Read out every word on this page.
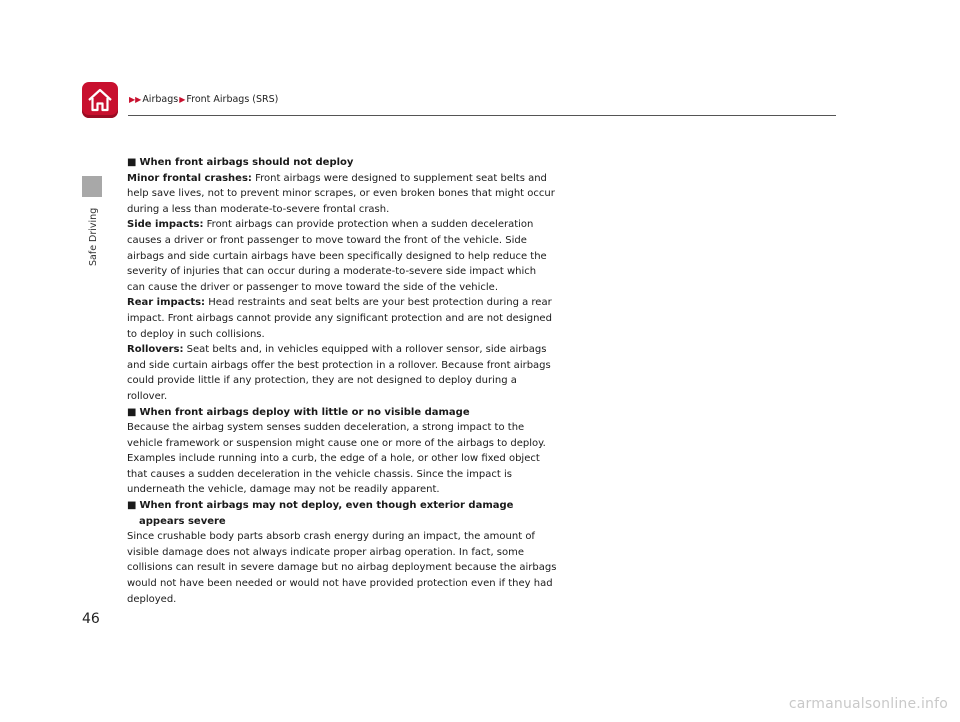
▶▶ Airbags ▶ Front Airbags (SRS)
Safe Driving

■ When front airbags should not deploy

Minor frontal crashes: Front airbags were designed to supplement seat belts and help save lives, not to prevent minor scrapes, or even broken bones that might occur during a less than moderate-to-severe frontal crash.

Side impacts: Front airbags can provide protection when a sudden deceleration causes a driver or front passenger to move toward the front of the vehicle. Side airbags and side curtain airbags have been specifically designed to help reduce the severity of injuries that can occur during a moderate-to-severe side impact which can cause the driver or passenger to move toward the side of the vehicle.

Rear impacts: Head restraints and seat belts are your best protection during a rear impact. Front airbags cannot provide any significant protection and are not designed to deploy in such collisions.

Rollovers: Seat belts and, in vehicles equipped with a rollover sensor, side airbags and side curtain airbags offer the best protection in a rollover. Because front airbags could provide little if any protection, they are not designed to deploy during a rollover.

■ When front airbags deploy with little or no visible damage

Because the airbag system senses sudden deceleration, a strong impact to the vehicle framework or suspension might cause one or more of the airbags to deploy. Examples include running into a curb, the edge of a hole, or other low fixed object that causes a sudden deceleration in the vehicle chassis. Since the impact is underneath the vehicle, damage may not be readily apparent.

■ When front airbags may not deploy, even though exterior damage appears severe

Since crushable body parts absorb crash energy during an impact, the amount of visible damage does not always indicate proper airbag operation. In fact, some collisions can result in severe damage but no airbag deployment because the airbags would not have been needed or would not have provided protection even if they had deployed.

46
carmanualsonline.info
